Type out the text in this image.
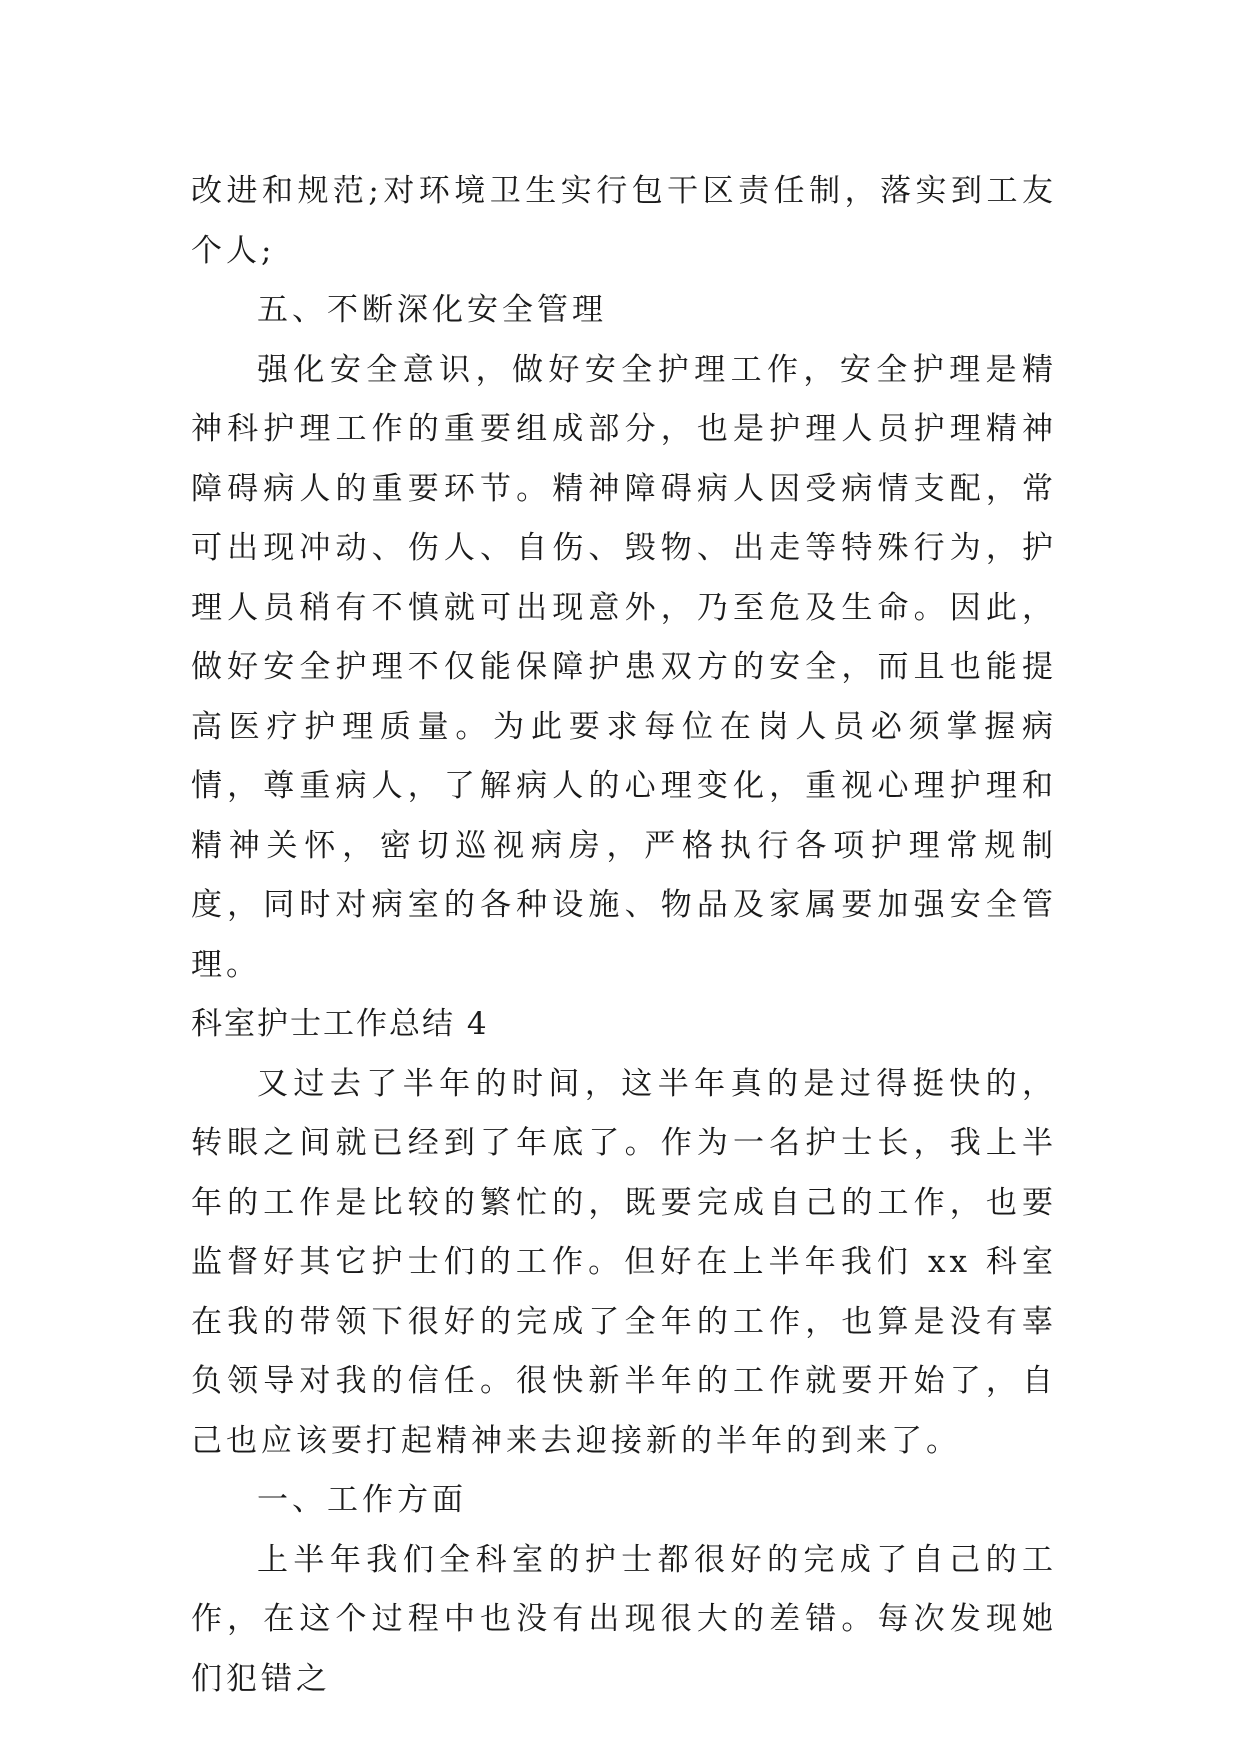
改进和规范;对环境卫生实行包干区责任制，落实到工友个人;

五、不断深化安全管理

强化安全意识，做好安全护理工作，安全护理是精神科护理工作的重要组成部分，也是护理人员护理精神障碍病人的重要环节。精神障碍病人因受病情支配，常可出现冲动、伤人、自伤、毁物、出走等特殊行为，护理人员稍有不慎就可出现意外，乃至危及生命。因此，做好安全护理不仅能保障护患双方的安全，而且也能提高医疗护理质量。为此要求每位在岗人员必须掌握病情，尊重病人，了解病人的心理变化，重视心理护理和精神关怀，密切巡视病房，严格执行各项护理常规制度，同时对病室的各种设施、物品及家属要加强安全管理。

科室护士工作总结 4

又过去了半年的时间，这半年真的是过得挺快的，转眼之间就已经到了年底了。作为一名护士长，我上半年的工作是比较的繁忙的，既要完成自己的工作，也要监督好其它护士们的工作。但好在上半年我们 xx 科室在我的带领下很好的完成了全年的工作，也算是没有辜负领导对我的信任。很快新半年的工作就要开始了，自己也应该要打起精神来去迎接新的半年的到来了。

一、工作方面

上半年我们全科室的护士都很好的完成了自己的工作，在这个过程中也没有出现很大的差错。每次发现她们犯错之
